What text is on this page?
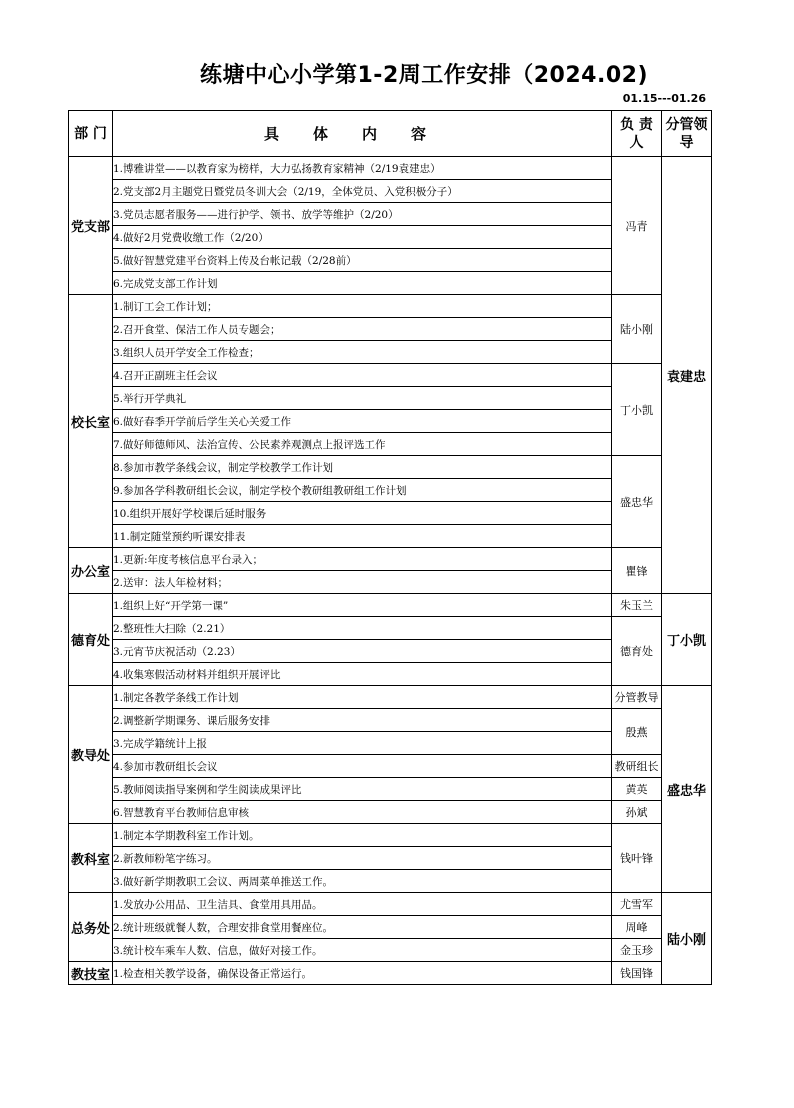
练塘中心小学第1-2周工作安排（2024.02)
01.15---01.26
部 门	具体内容	负 责 人	分管领导
党支部	1.博雅讲堂——以教育家为榜样，大力弘扬教育家精神（2/19袁建忠）	冯青	袁建忠
	2.党支部2月主题党日暨党员冬训大会（2/19，全体党员、入党积极分子）		
	3.党员志愿者服务——进行护学、领书、放学等维护（2/20）		
	4.做好2月党费收缴工作（2/20）		
	5.做好智慧党建平台资料上传及台帐记载（2/28前）		
	6.完成党支部工作计划		
校长室	1.制订工会工作计划；	陆小刚	
	2.召开食堂、保洁工作人员专题会；		
	3.组织人员开学安全工作检查；		
	4.召开正副班主任会议	丁小凯	
	5.举行开学典礼		
	6.做好春季开学前后学生关心关爱工作		
	7.做好师德师风、法治宣传、公民素养观测点上报评选工作		
	8.参加市教学条线会议，制定学校教学工作计划	盛忠华	
	9.参加各学科教研组长会议，制定学校个教研组教研组工作计划		
	10.组织开展好学校课后延时服务		
	11.制定随堂预约听课安排表		
办公室	1.更新:年度考核信息平台录入；	瞿锋	
	2.送审：法人年检材料；		
德育处	1.组织上好“开学第一课”	朱玉兰	丁小凯
	2.整班性大扫除（2.21）	德育处	
	3.元宵节庆祝活动（2.23）		
	4.收集寒假活动材料并组织开展评比		
教导处	1.制定各教学条线工作计划	分管教导	盛忠华
	2.调整新学期课务、课后服务安排	殷燕	
	3.完成学籍统计上报		
	4.参加市教研组长会议	教研组长	
	5.教师阅读指导案例和学生阅读成果评比	黄英	
	6.智慧教育平台教师信息审核	孙斌	
教科室	1.制定本学期教科室工作计划。	钱叶锋	
	2.新教师粉笔字练习。		
	3.做好新学期教职工会议、两周菜单推送工作。		
总务处	1.发放办公用品、卫生洁具、食堂用具用品。	尤雪军	陆小刚
	2.统计班级就餐人数，合理安排食堂用餐座位。	周峰	
	3.统计校车乘车人数、信息，做好对接工作。	金玉珍	
教技室	1.检查相关教学设备，确保设备正常运行。	钱国锋	
